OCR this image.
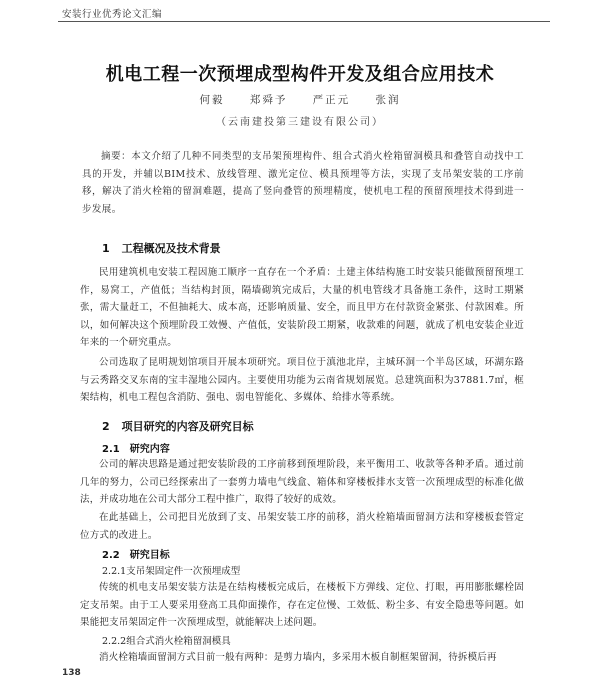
安装行业优秀论文汇编
机电工程一次预埋成型构件开发及组合应用技术
何毅 郑舜予 严正元 张润
（云南建投第三建设有限公司）
摘要：本文介绍了几种不同类型的支吊架预埋构件、组合式消火栓箱留洞模具和叠管自动找中工具的开发，并辅以BIM技术、放线管理、激光定位、模具预埋等方法，实现了支吊架安装的工序前移，解决了消火栓箱的留洞难题，提高了竖向叠管的预埋精度，使机电工程的预留预埋技术得到进一步发展。
1 工程概况及技术背景
民用建筑机电安装工程因施工顺序一直存在一个矛盾：土建主体结构施工时安装只能做预留预埋工作，易窝工，产值低；当结构封顶，隔墙砌筑完成后，大量的机电管线才具备施工条件，这时工期紧张，需大量赶工，不但抽耗大、成本高，还影响质量、安全，而且甲方在付款资金紧张、付款困难。所以，如何解决这个预埋阶段工效慢、产值低，安装阶段工期紧，收款难的问题，就成了机电安装企业近年来的一个研究重点。
公司选取了昆明规划馆项目开展本项研究。项目位于滇池北岸，主城环洞一个半岛区域，环湖东路与云秀路交叉东南的宝丰湿地公园内。主要使用功能为云南省规划展览。总建筑面积为37881.7㎡，框架结构，机电工程包含消防、强电、弱电智能化、多媒体、给排水等系统。
2 项目研究的内容及研究目标
2.1 研究内容
公司的解决思路是通过把安装阶段的工序前移到预埋阶段，来平衡用工、收款等各种矛盾。通过前几年的努力，公司已经探索出了一套剪力墙电气线盒、箱体和穿楼板排水支管一次预埋成型的标准化做法，并成功地在公司大部分工程中推广，取得了较好的成效。
在此基础上，公司把目光放到了支、吊架安装工序的前移，消火栓箱墙面留洞方法和穿楼板套管定位方式的改进上。
2.2 研究目标
2.2.1支吊架固定件一次预埋成型
传统的机电支吊架安装方法是在结构楼板完成后，在楼板下方弹线、定位、打眼，再用膨胀螺栓固定支吊架。由于工人要采用登高工具仰面操作，存在定位慢、工效低、粉尘多、有安全隐患等问题。如果能把支吊架固定件一次预埋成型，就能解决上述问题。
2.2.2组合式消火栓箱留洞模具
消火栓箱墙面留洞方式目前一般有两种：是剪力墙内，多采用木板自制框架留洞，待拆模后再
138
